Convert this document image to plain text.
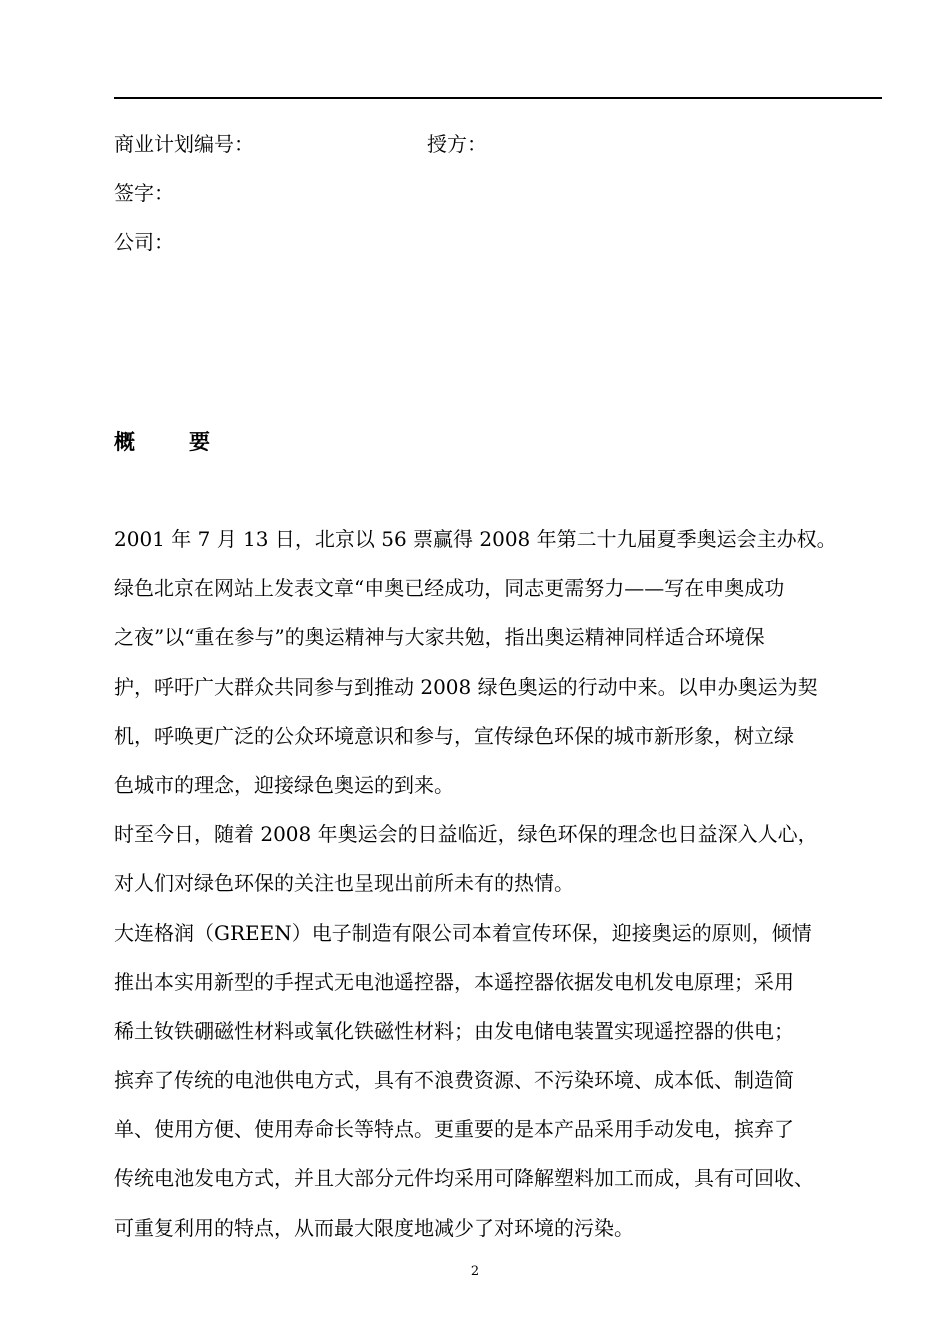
商业计划编号：	授方：
签字：
公司：
概	要
2001 年 7 月 13 日，北京以 56 票赢得 2008 年第二十九届夏季奥运会主办权。
绿色北京在网站上发表文章“申奥已经成功，同志更需努力——写在申奥成功
之夜”以“重在参与”的奥运精神与大家共勉，指出奥运精神同样适合环境保
护，呼吁广大群众共同参与到推动 2008 绿色奥运的行动中来。以申办奥运为契
机，呼唤更广泛的公众环境意识和参与，宣传绿色环保的城市新形象，树立绿
色城市的理念，迎接绿色奥运的到来。
时至今日，随着 2008 年奥运会的日益临近，绿色环保的理念也日益深入人心，
对人们对绿色环保的关注也呈现出前所未有的热情。
大连格润（GREEN）电子制造有限公司本着宣传环保，迎接奥运的原则，倾情
推出本实用新型的手捏式无电池遥控器，本遥控器依据发电机发电原理；采用
稀土钕铁硼磁性材料或氧化铁磁性材料；由发电储电装置实现遥控器的供电；
摈弃了传统的电池供电方式，具有不浪费资源、不污染环境、成本低、制造简
单、使用方便、使用寿命长等特点。更重要的是本产品采用手动发电，摈弃了
传统电池发电方式，并且大部分元件均采用可降解塑料加工而成，具有可回收、
可重复利用的特点，从而最大限度地减少了对环境的污染。
2
